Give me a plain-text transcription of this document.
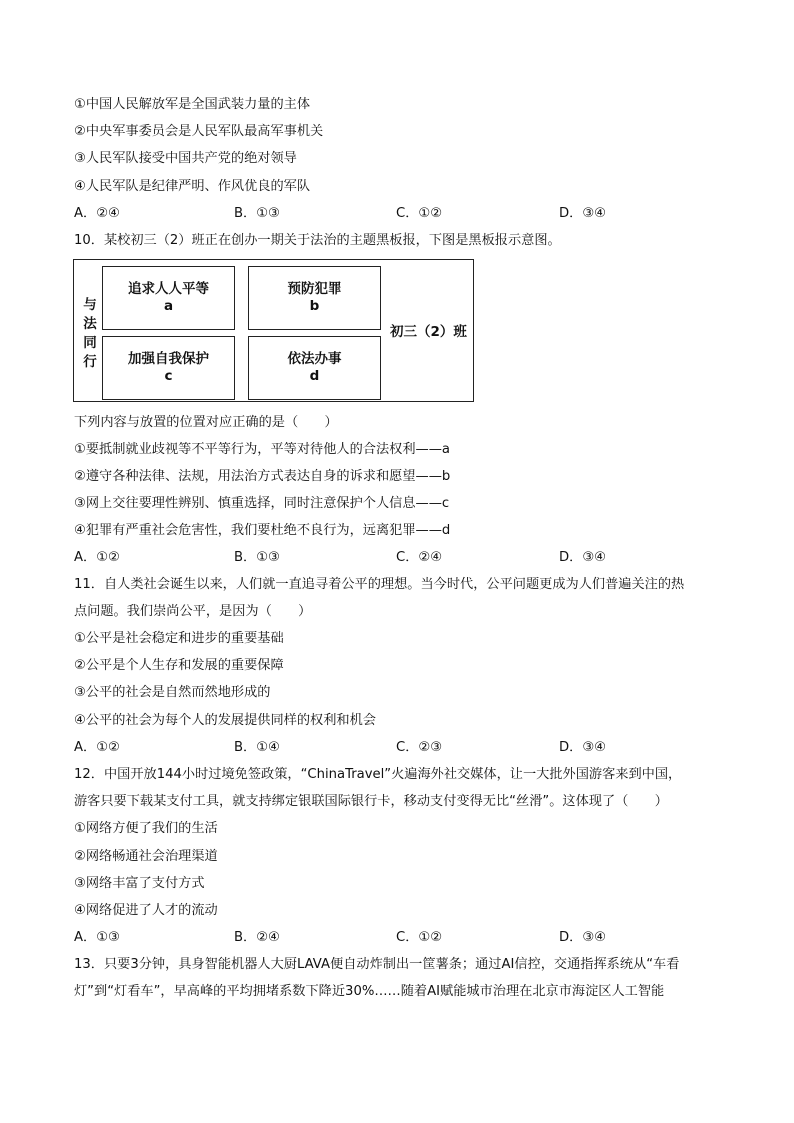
①中国人民解放军是全国武装力量的主体
②中央军事委员会是人民军队最高军事机关
③人民军队接受中国共产党的绝对领导
④人民军队是纪律严明、作风优良的军队
A．②④	B．①③	C．①②	D．③④
10．某校初三（2）班正在创办一期关于法治的主题黑板报，下图是黑板报示意图。
与
法
同
行
追求人人平等
a
预防犯罪
b
加强自我保护
c
依法办事
d
初三（2）班
下列内容与放置的位置对应正确的是（　　）
①要抵制就业歧视等不平等行为，平等对待他人的合法权利——a
②遵守各种法律、法规，用法治方式表达自身的诉求和愿望——b
③网上交往要理性辨别、慎重选择，同时注意保护个人信息——c
④犯罪有严重社会危害性，我们要杜绝不良行为，远离犯罪——d
A．①②	B．①③	C．②④	D．③④
11．自人类社会诞生以来，人们就一直追寻着公平的理想。当今时代，公平问题更成为人们普遍关注的热
点问题。我们崇尚公平，是因为（　　）
①公平是社会稳定和进步的重要基础
②公平是个人生存和发展的重要保障
③公平的社会是自然而然地形成的
④公平的社会为每个人的发展提供同样的权利和机会
A．①②	B．①④	C．②③	D．③④
12．中国开放144小时过境免签政策，“ChinaTravel”火遍海外社交媒体，让一大批外国游客来到中国，
游客只要下载某支付工具，就支持绑定银联国际银行卡，移动支付变得无比“丝滑”。这体现了（　　）
①网络方便了我们的生活
②网络畅通社会治理渠道
③网络丰富了支付方式
④网络促进了人才的流动
A．①③	B．②④	C．①②	D．③④
13．只要3分钟，具身智能机器人大厨LAVA便自动炸制出一筐薯条；通过AI信控，交通指挥系统从“车看
灯”到“灯看车”，早高峰的平均拥堵系数下降近30%……随着AI赋能城市治理在北京市海淀区人工智能
